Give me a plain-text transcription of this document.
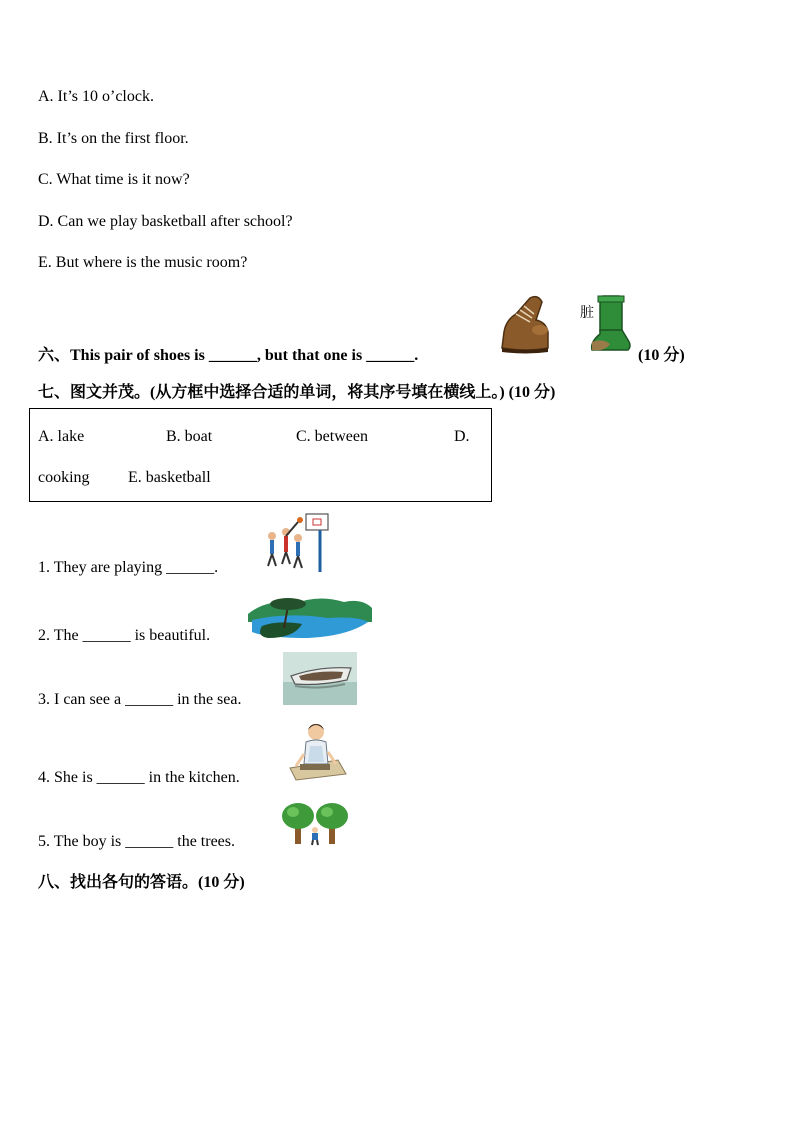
A. It’s 10 o’clock.
B. It’s on the first floor.
C. What time is it now?
D. Can we play basketball after school?
E. But where is the music room?
六、This pair of shoes is ______, but that one is ______.
脏
(10 分)
七、图文并茂。(从方框中选择合适的单词，将其序号填在横线上。) (10 分)
A. lake	B. boat	C. between	D.
cooking E. basketball
1. They are playing ______.
2. The ______ is beautiful.
3. I can see a ______ in the sea.
4. She is ______ in the kitchen.
5. The boy is ______ the trees.
八、找出各句的答语。(10 分)
